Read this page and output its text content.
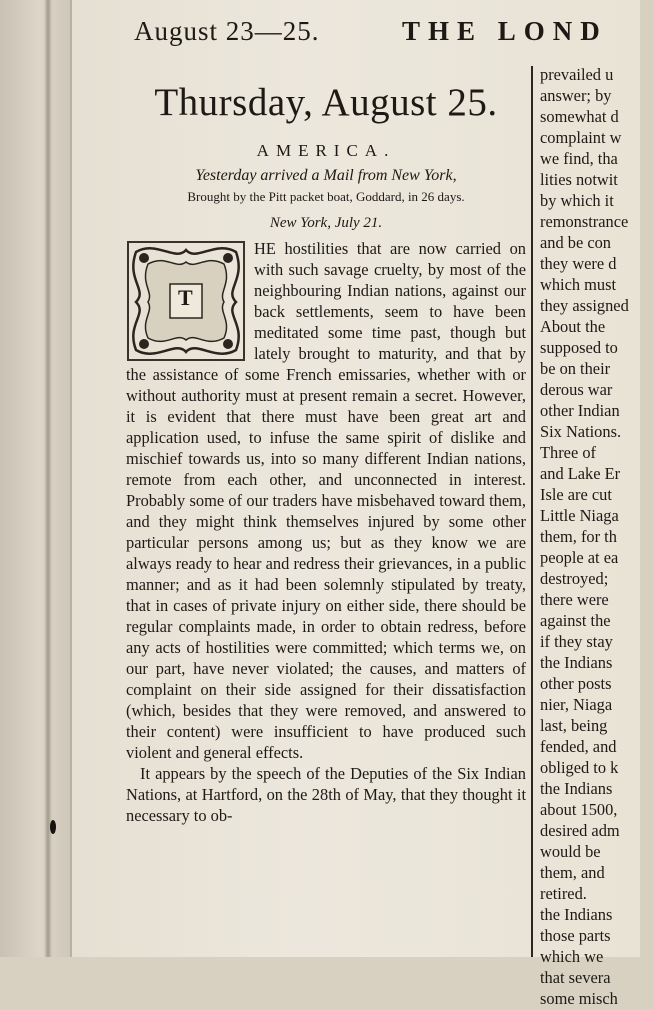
August 23—25.	THE LOND
Thursday, August 25.
AMERICA.
Yesterday arrived a Mail from New York,
Brought by the Pitt packet boat, Goddard, in 26 days.
New York, July 21.
T

HE hostilities that are now carried on with such savage cruelty, by most of the neighbouring Indian nations, against our back settlements, seem to have been meditated some time past, though but lately brought to maturity, and that by the assistance of some French emissaries, whether with or without authority must at present remain a secret. However, it is evident that there must have been great art and application used, to infuse the same spirit of dislike and mischief towards us, into so many different Indian nations, remote from each other, and unconnected in interest. Probably some of our traders have misbehaved toward them, and they might think themselves injured by some other particular persons among us; but as they know we are always ready to hear and redress their grievances, in a public manner; and as it had been solemnly stipulated by treaty, that in cases of private injury on either side, there should be regular complaints made, in order to obtain redress, before any acts of hostilities were committed; which terms we, on our part, have never violated; the causes, and matters of complaint on their side assigned for their dissatisfaction (which, besides that they were removed, and answered to their content) were insufficient to have produced such violent and general effects.

It appears by the speech of the Deputies of the Six Indian Nations, at Hartford, on the 28th of May, that they thought it necessary to ob-

prevailed u
answer; by
somewhat d
complaint w
we find, tha
lities notwit
by which it
remonstrance
and be con
they were d
which must
they assigned
About the
supposed to
be on their
derous war
other Indian
Six Nations.
Three of
and Lake Er
Isle are cut
Little Niaga
them, for th
people at ea
destroyed;
there were
against the
if they stay
the Indians
other posts
nier, Niaga
last, being
fended, and
obliged to k
the Indians
about 1500,
desired adm
would be
them, and
retired.
the Indians
those parts
which we
that severa
some misch
